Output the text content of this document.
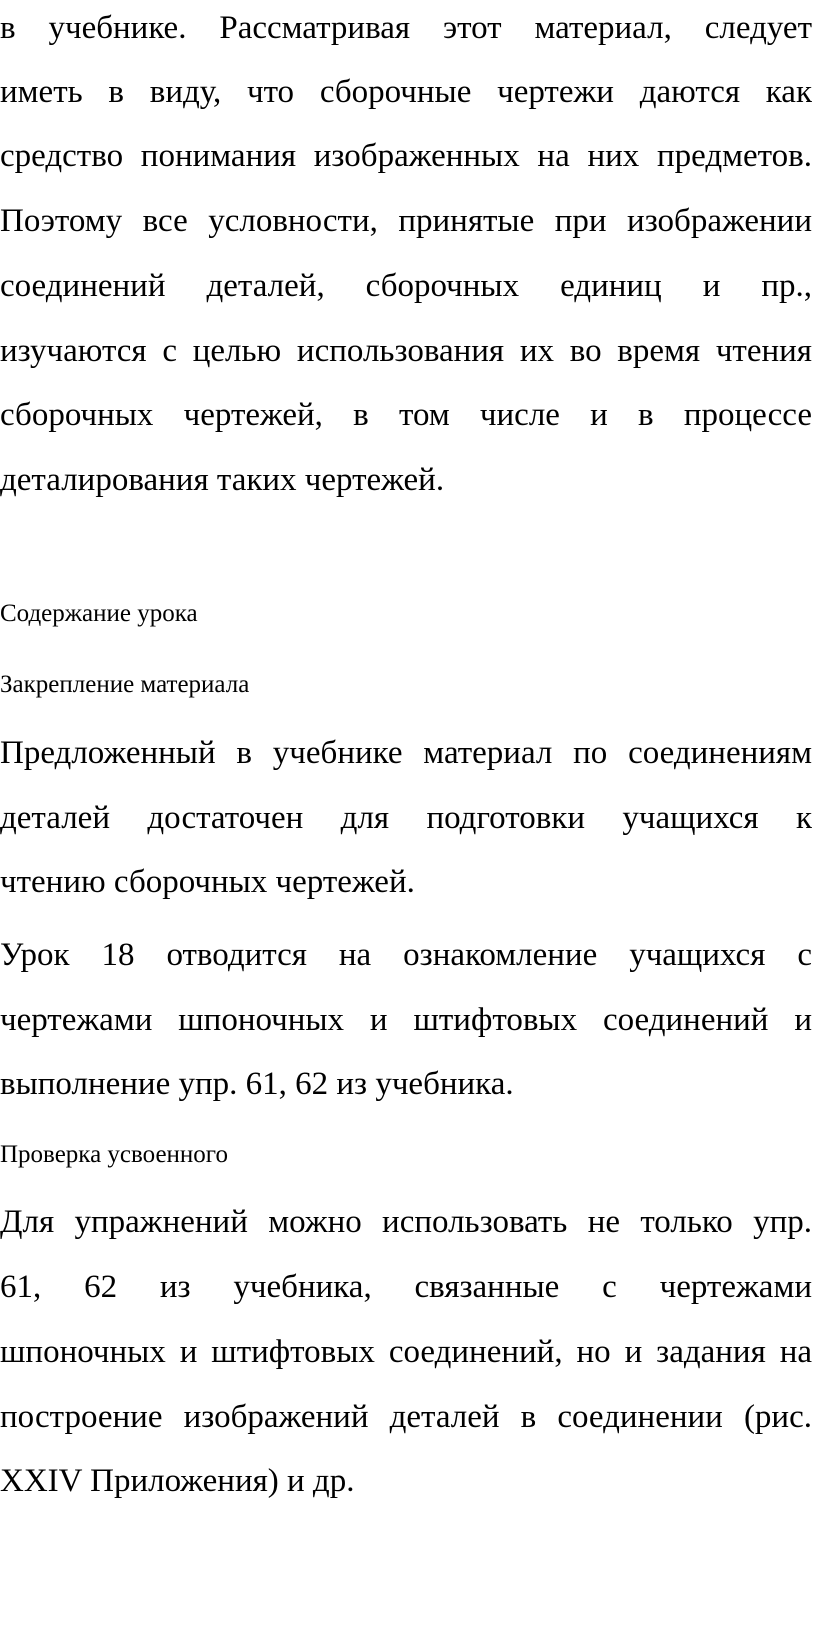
в учебнике. Рассматривая этот материал, следует
иметь в виду, что сборочные чертежи даются как
средство понимания изображенных на них предметов.
Поэтому все условности, принятые при изображении
соединений деталей, сборочных единиц и пр.,
изучаются с целью использования их во время чтения
сборочных чертежей, в том числе и в процессе
деталирования таких чертежей.
Содержание урока
Закрепление материала
Предложенный в учебнике материал по соединениям
деталей достаточен для подготовки учащихся к
чтению сборочных чертежей.
Урок 18 отводится на ознакомление учащихся с
чертежами шпоночных и штифтовых соединений и
выполнение упр. 61, 62 из учебника.
Проверка усвоенного
Для упражнений можно использовать не только упр.
61, 62 из учебника, связанные с чертежами
шпоночных и штифтовых соединений, но и задания на
построение изображений деталей в соединении (рис.
XXIV Приложения) и др.
